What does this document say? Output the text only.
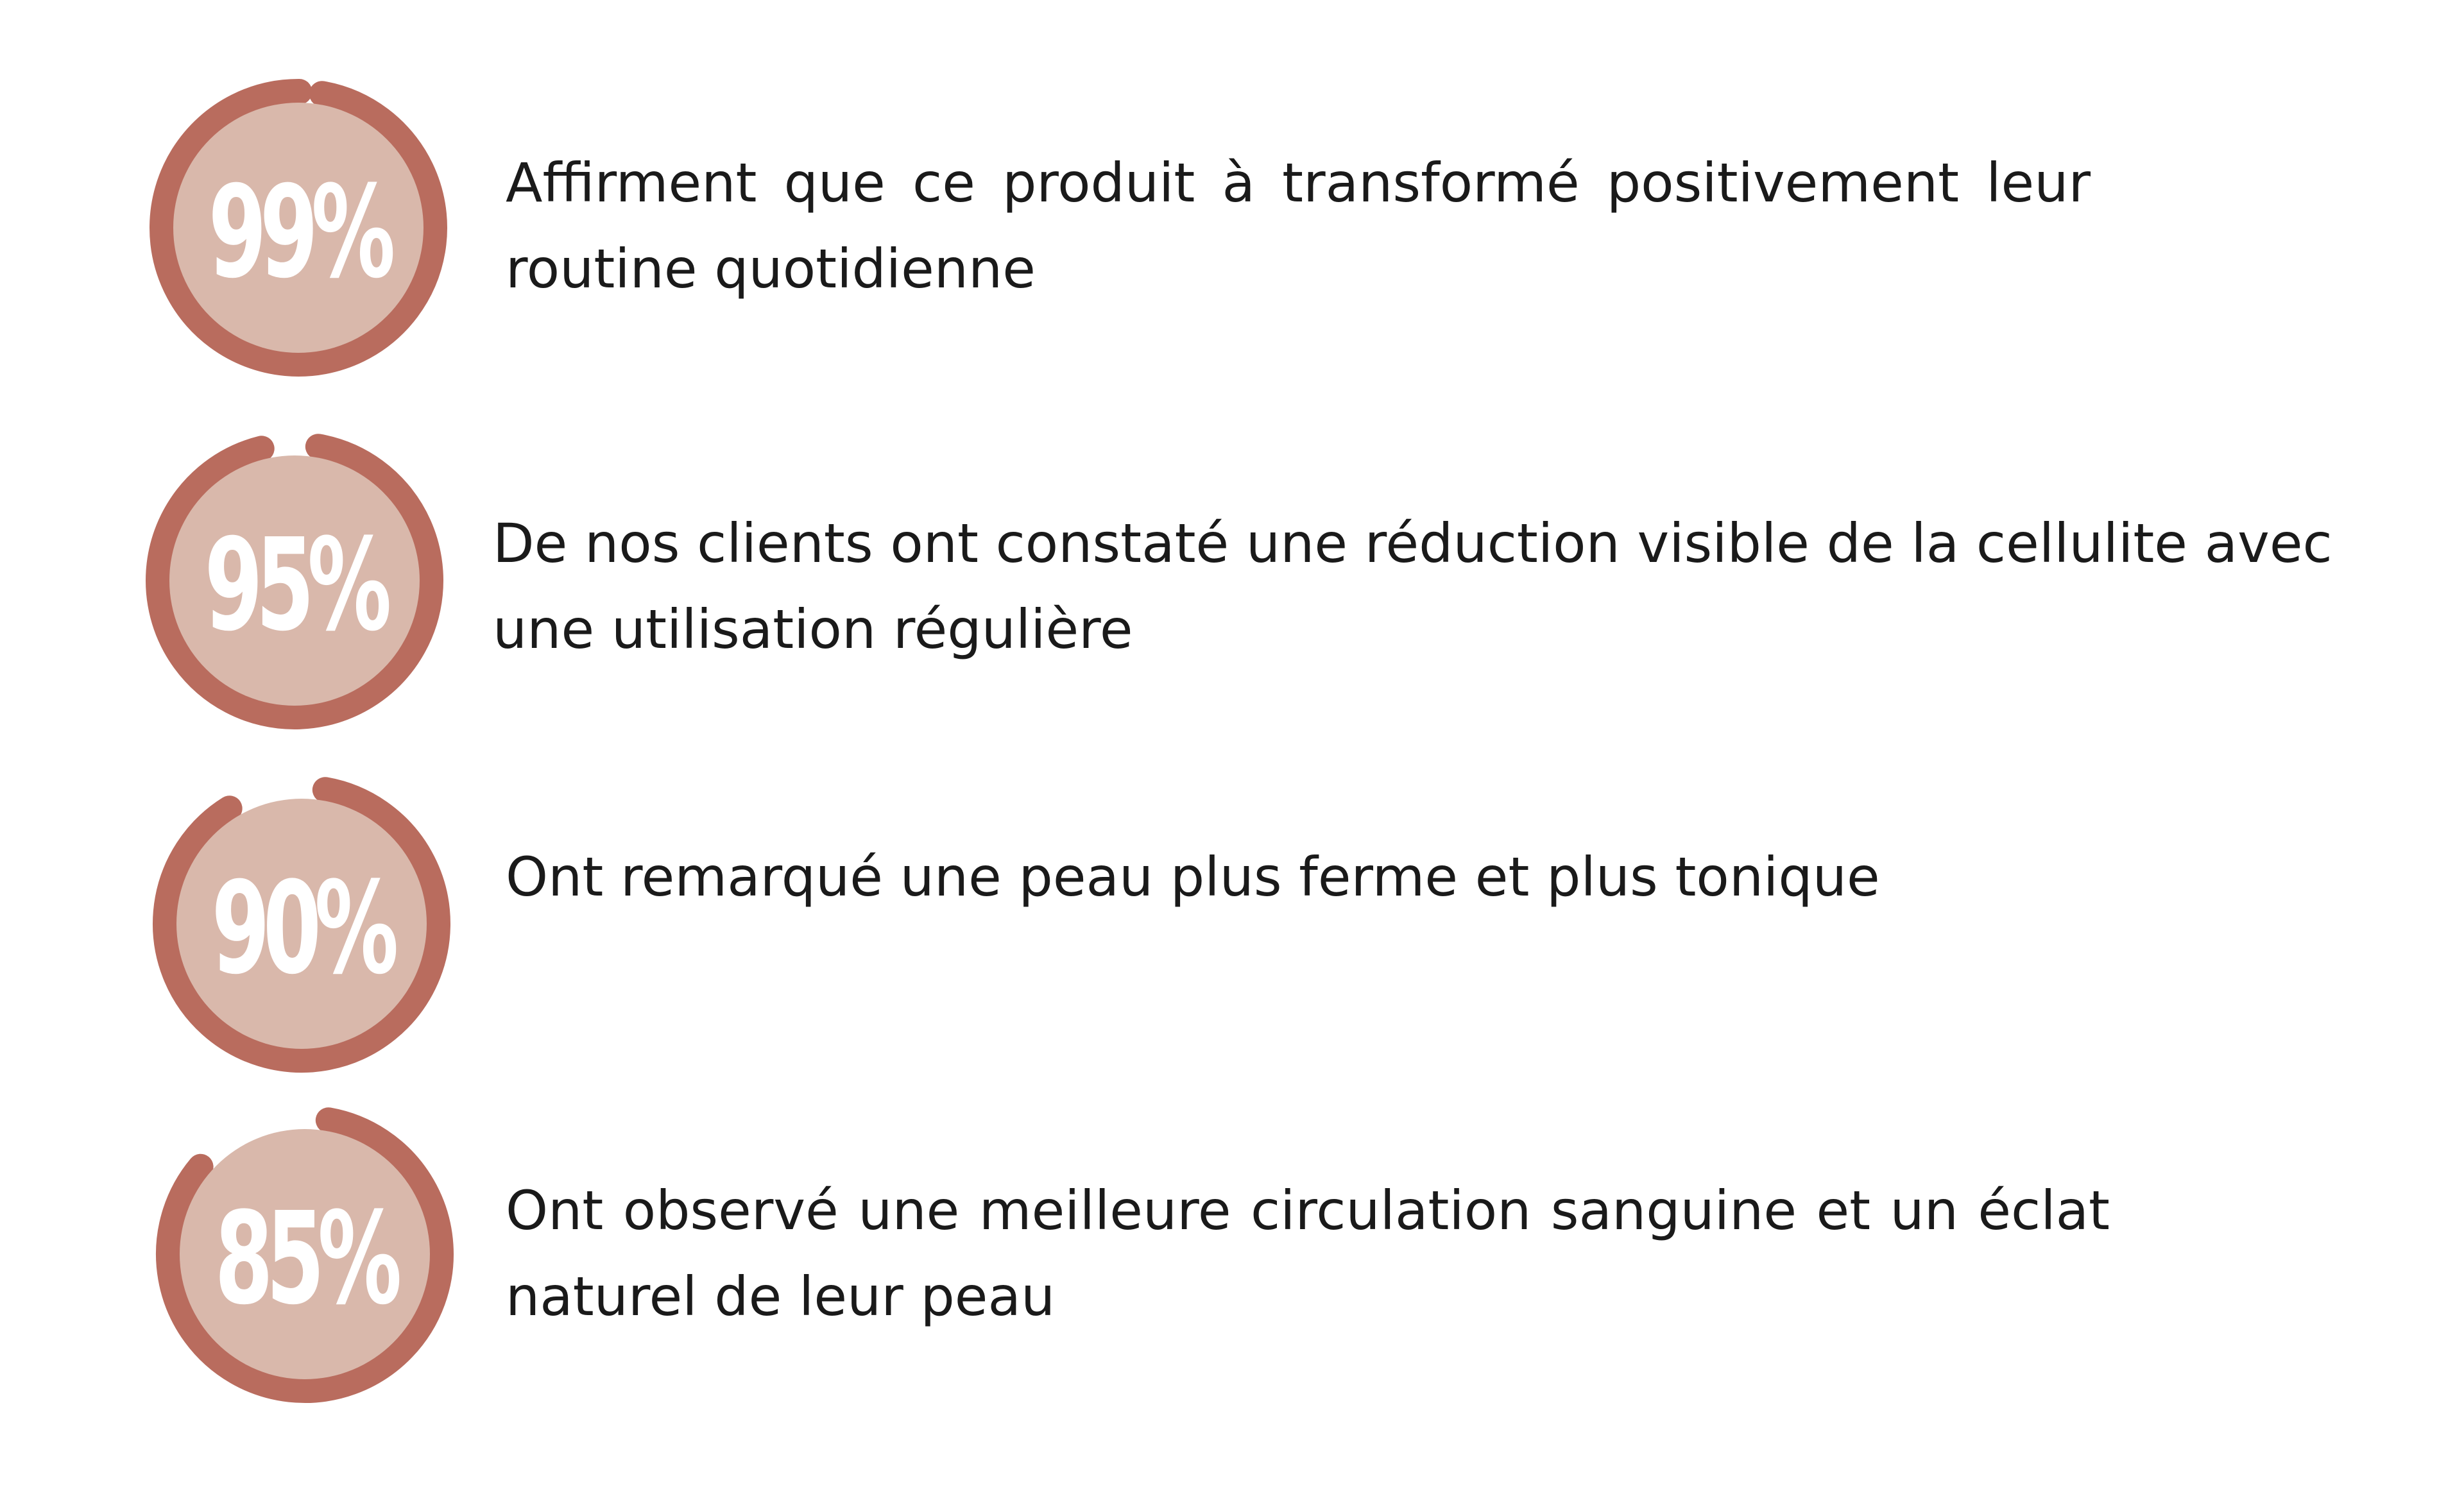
99% Affirment que ce produit à transformé positivement leur routine quotidienne

95% De nos clients ont constaté une réduction visible de la cellulite avec une utilisation régulière

90% Ont remarqué une peau plus ferme et plus tonique

85% Ont observé une meilleure circulation sanguine et un éclat naturel de leur peau
